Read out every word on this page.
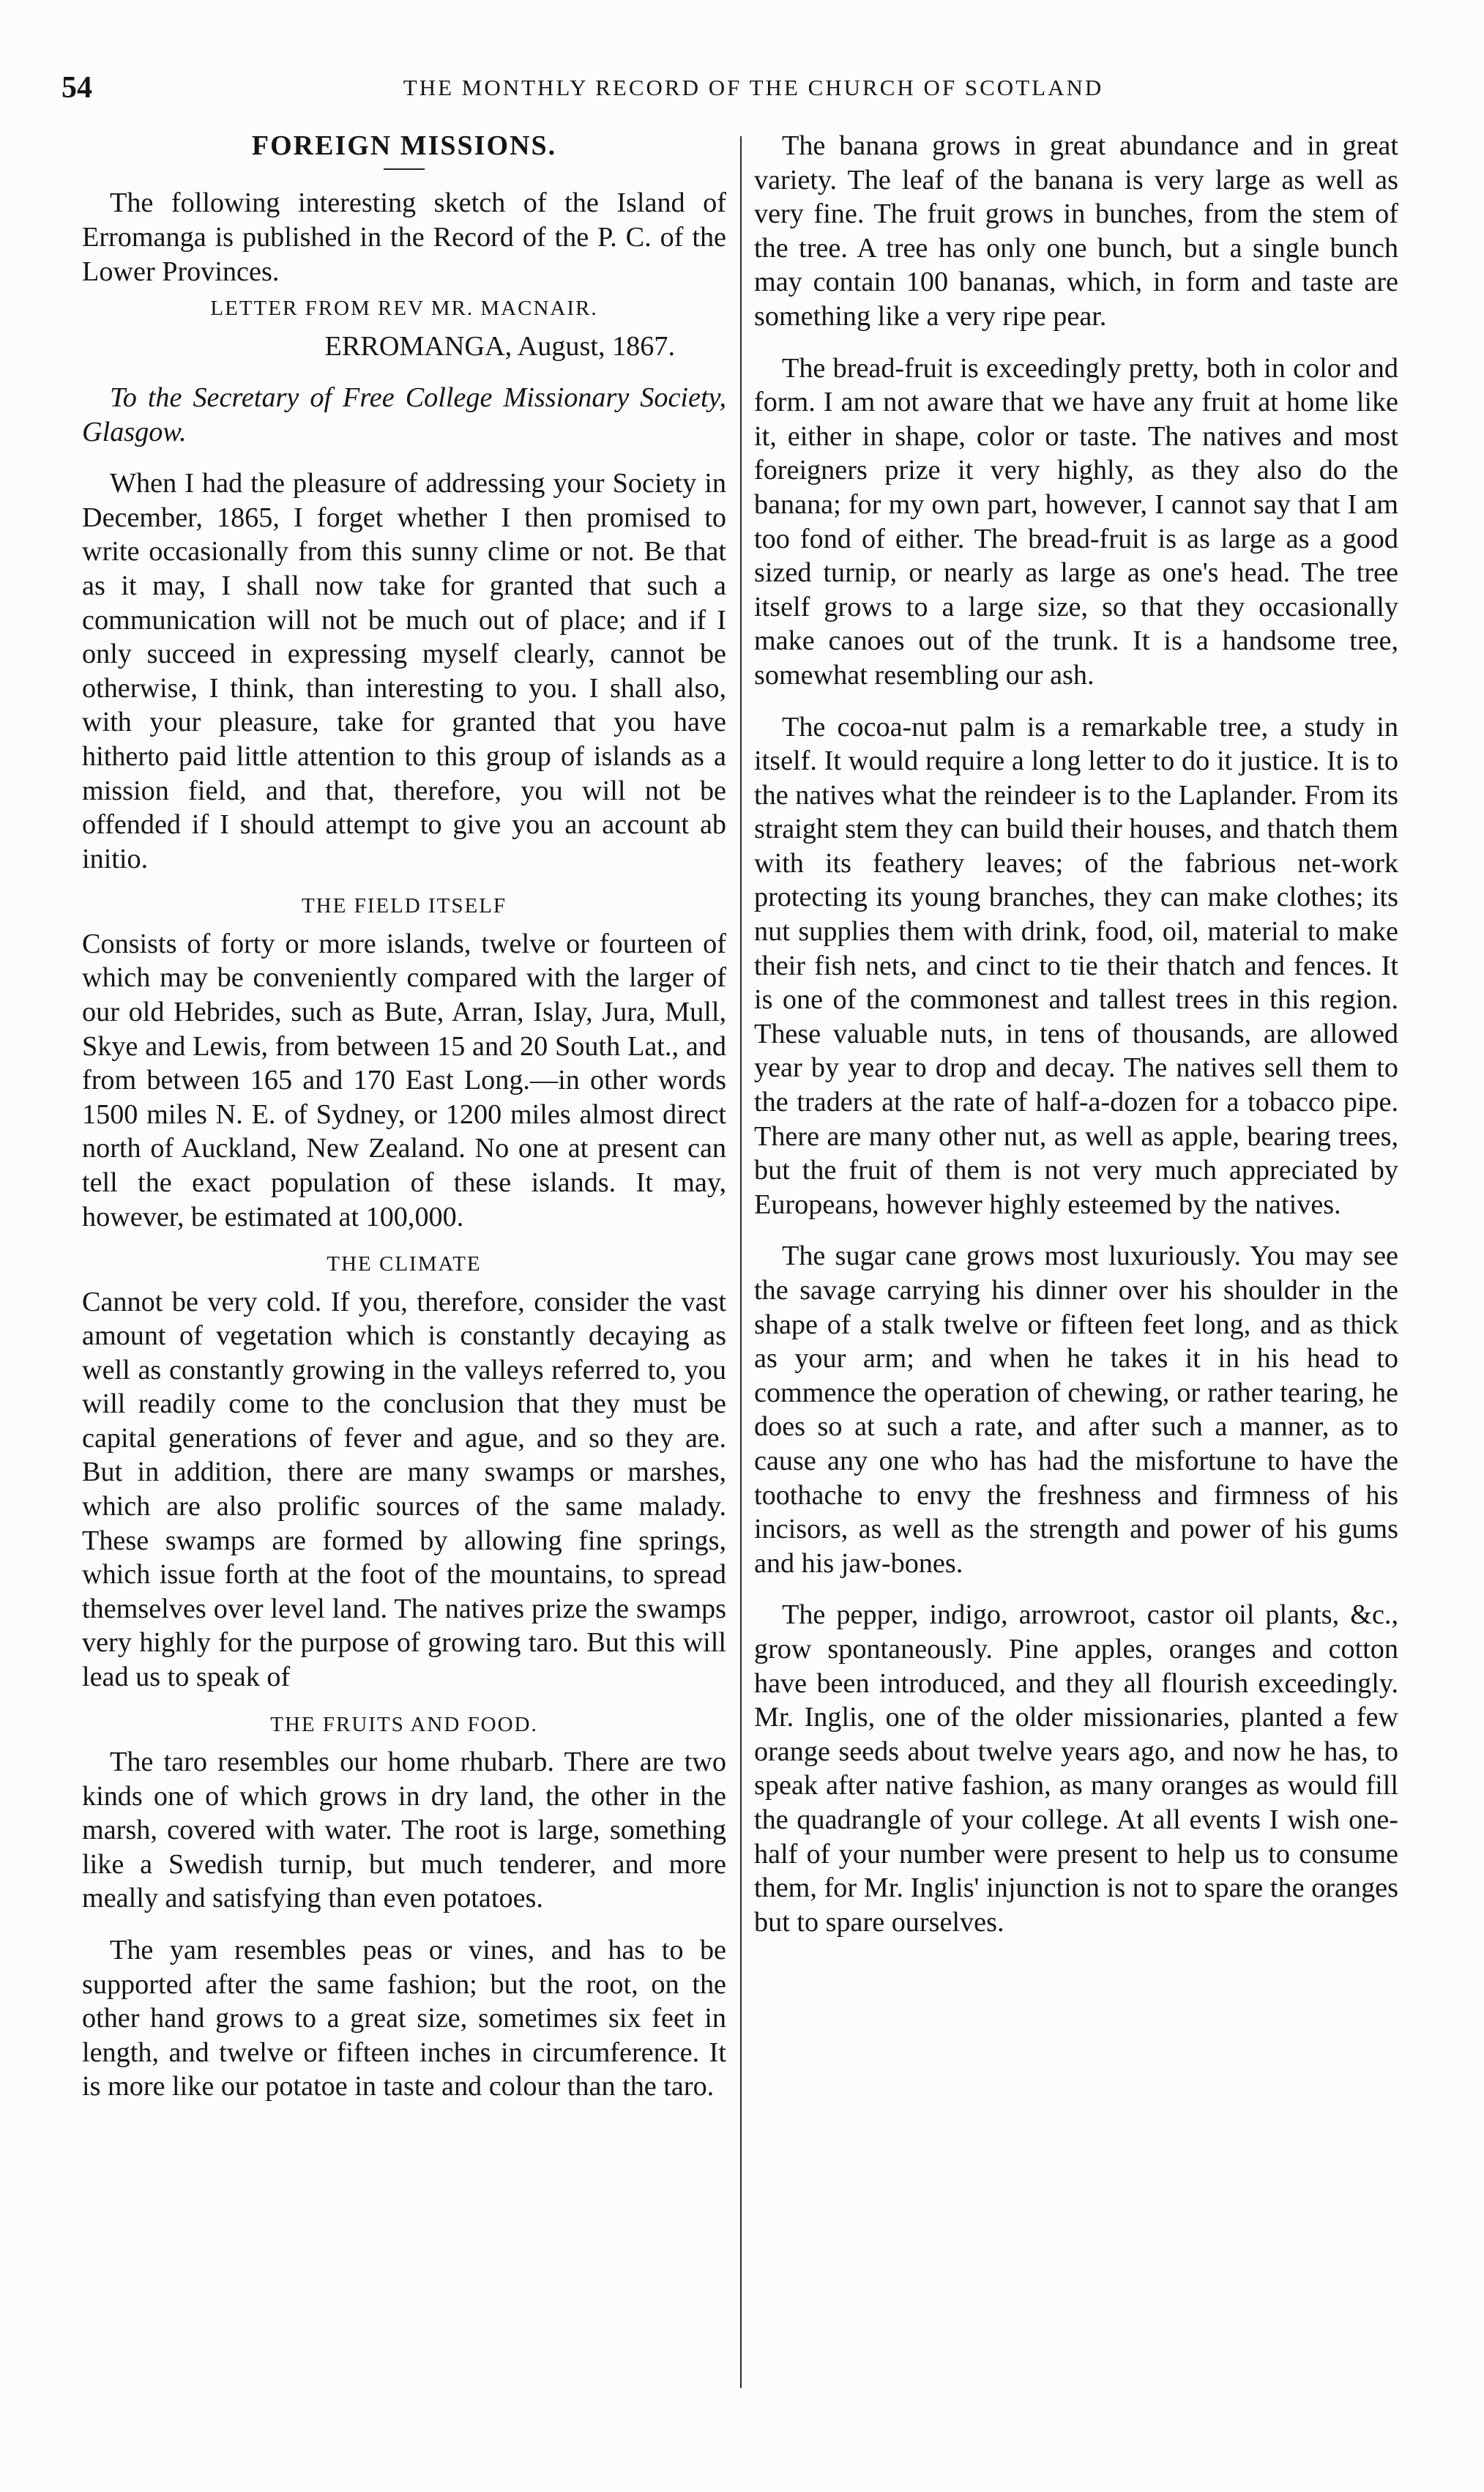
54	THE MONTHLY RECORD OF THE CHURCH OF SCOTLAND
FOREIGN MISSIONS.

The following interesting sketch of the Island of Erromanga is published in the Record of the P. C. of the Lower Provinces.

LETTER FROM REV MR. MACNAIR.

ERROMANGA, August, 1867.

To the Secretary of Free College Missionary Society, Glasgow.

When I had the pleasure of addressing your Society in December, 1865, I forget whether I then promised to write occasionally from this sunny clime or not. Be that as it may, I shall now take for granted that such a communication will not be much out of place; and if I only succeed in expressing myself clearly, cannot be otherwise, I think, than interesting to you. I shall also, with your pleasure, take for granted that you have hitherto paid little attention to this group of islands as a mission field, and that, therefore, you will not be offended if I should attempt to give you an account ab initio.

THE FIELD ITSELF

Consists of forty or more islands, twelve or fourteen of which may be conveniently compared with the larger of our old Hebrides, such as Bute, Arran, Islay, Jura, Mull, Skye and Lewis, from between 15 and 20 South Lat., and from between 165 and 170 East Long.—in other words 1500 miles N. E. of Sydney, or 1200 miles almost direct north of Auckland, New Zealand. No one at present can tell the exact population of these islands. It may, however, be estimated at 100,000.

THE CLIMATE

Cannot be very cold. If you, therefore, consider the vast amount of vegetation which is constantly decaying as well as constantly growing in the valleys referred to, you will readily come to the conclusion that they must be capital generations of fever and ague, and so they are. But in addition, there are many swamps or marshes, which are also prolific sources of the same malady. These swamps are formed by allowing fine springs, which issue forth at the foot of the mountains, to spread themselves over level land. The natives prize the swamps very highly for the purpose of growing taro. But this will lead us to speak of

THE FRUITS AND FOOD.

The taro resembles our home rhubarb. There are two kinds one of which grows in dry land, the other in the marsh, covered with water. The root is large, something like a Swedish turnip, but much tenderer, and more meally and satisfying than even potatoes.

The yam resembles peas or vines, and has to be supported after the same fashion; but the root, on the other hand grows to a great size, sometimes six feet in length, and twelve or fifteen inches in circumference. It is more like our potatoe in taste and colour than the taro.

The banana grows in great abundance and in great variety. The leaf of the banana is very large as well as very fine. The fruit grows in bunches, from the stem of the tree. A tree has only one bunch, but a single bunch may contain 100 bananas, which, in form and taste are something like a very ripe pear.

The bread-fruit is exceedingly pretty, both in color and form. I am not aware that we have any fruit at home like it, either in shape, color or taste. The natives and most foreigners prize it very highly, as they also do the banana; for my own part, however, I cannot say that I am too fond of either. The bread-fruit is as large as a good sized turnip, or nearly as large as one's head. The tree itself grows to a large size, so that they occasionally make canoes out of the trunk. It is a handsome tree, somewhat resembling our ash.

The cocoa-nut palm is a remarkable tree, a study in itself. It would require a long letter to do it justice. It is to the natives what the reindeer is to the Laplander. From its straight stem they can build their houses, and thatch them with its feathery leaves; of the fabrious net-work protecting its young branches, they can make clothes; its nut supplies them with drink, food, oil, material to make their fish nets, and cinct to tie their thatch and fences. It is one of the commonest and tallest trees in this region. These valuable nuts, in tens of thousands, are allowed year by year to drop and decay. The natives sell them to the traders at the rate of half-a-dozen for a tobacco pipe. There are many other nut, as well as apple, bearing trees, but the fruit of them is not very much appreciated by Europeans, however highly esteemed by the natives.

The sugar cane grows most luxuriously. You may see the savage carrying his dinner over his shoulder in the shape of a stalk twelve or fifteen feet long, and as thick as your arm; and when he takes it in his head to commence the operation of chewing, or rather tearing, he does so at such a rate, and after such a manner, as to cause any one who has had the misfortune to have the toothache to envy the freshness and firmness of his incisors, as well as the strength and power of his gums and his jaw-bones.

The pepper, indigo, arrowroot, castor oil plants, &c., grow spontaneously. Pine apples, oranges and cotton have been introduced, and they all flourish exceedingly. Mr. Inglis, one of the older missionaries, planted a few orange seeds about twelve years ago, and now he has, to speak after native fashion, as many oranges as would fill the quadrangle of your college. At all events I wish one-half of your number were present to help us to consume them, for Mr. Inglis' injunction is not to spare the oranges but to spare ourselves.
